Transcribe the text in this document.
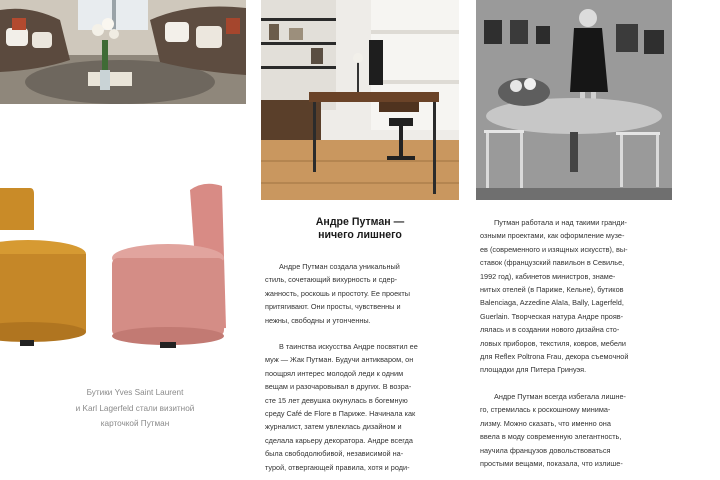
Бутики Yves Saint Laurent
и Karl Lagerfeld стали визитной
карточкой Путман
Андре Путман —
ничего лишнего
Андре Путман создала уникальный
стиль, сочетающий вихурность и сдер-
жанность, роскошь и простоту. Ее проекты
притягивают. Они просты, чувственны и
нежны, свободны и утонченны.
В таинства искусства Андре посвятил ее
муж — Жак Путман. Будучи антикваром, он
поощрял интерес молодой леди к одним
вещам и разочаровывал в других. В возра-
сте 15 лет девушка окунулась в богемную
среду Café de Flore в Париже. Начинала как
журналист, затем увлеклась дизайном и
сделала карьеру декоратора. Андре всегда
была свободолюбивой, независимой на-
турой, отвергающей правила, хотя и роди-
Путман работала и над такими гранди-
озными проектами, как оформление музе-
ев (современного и изящных искусств), вы-
ставок (французский павильон в Севилье,
1992 год), кабинетов министров, знаме-
нитых отелей (в Париже, Кельне), бутиков
Balenciaga, Azzedine Alaïa, Bally, Lagerfeld,
Guerlain. Творческая натура Андре прояв-
лялась и в создании нового дизайна сто-
ловых приборов, текстиля, ковров, мебели
для Reflex Poltrona Frau, декора съемочной
площадки для Питера Гринуэя.
Андре Путман всегда избегала лишне-
го, стремилась к роскошному минима-
лизму. Можно сказать, что именно она
ввела в моду современную элегантность,
научила французов довольствоваться
простыми вещами, показала, что излише-
